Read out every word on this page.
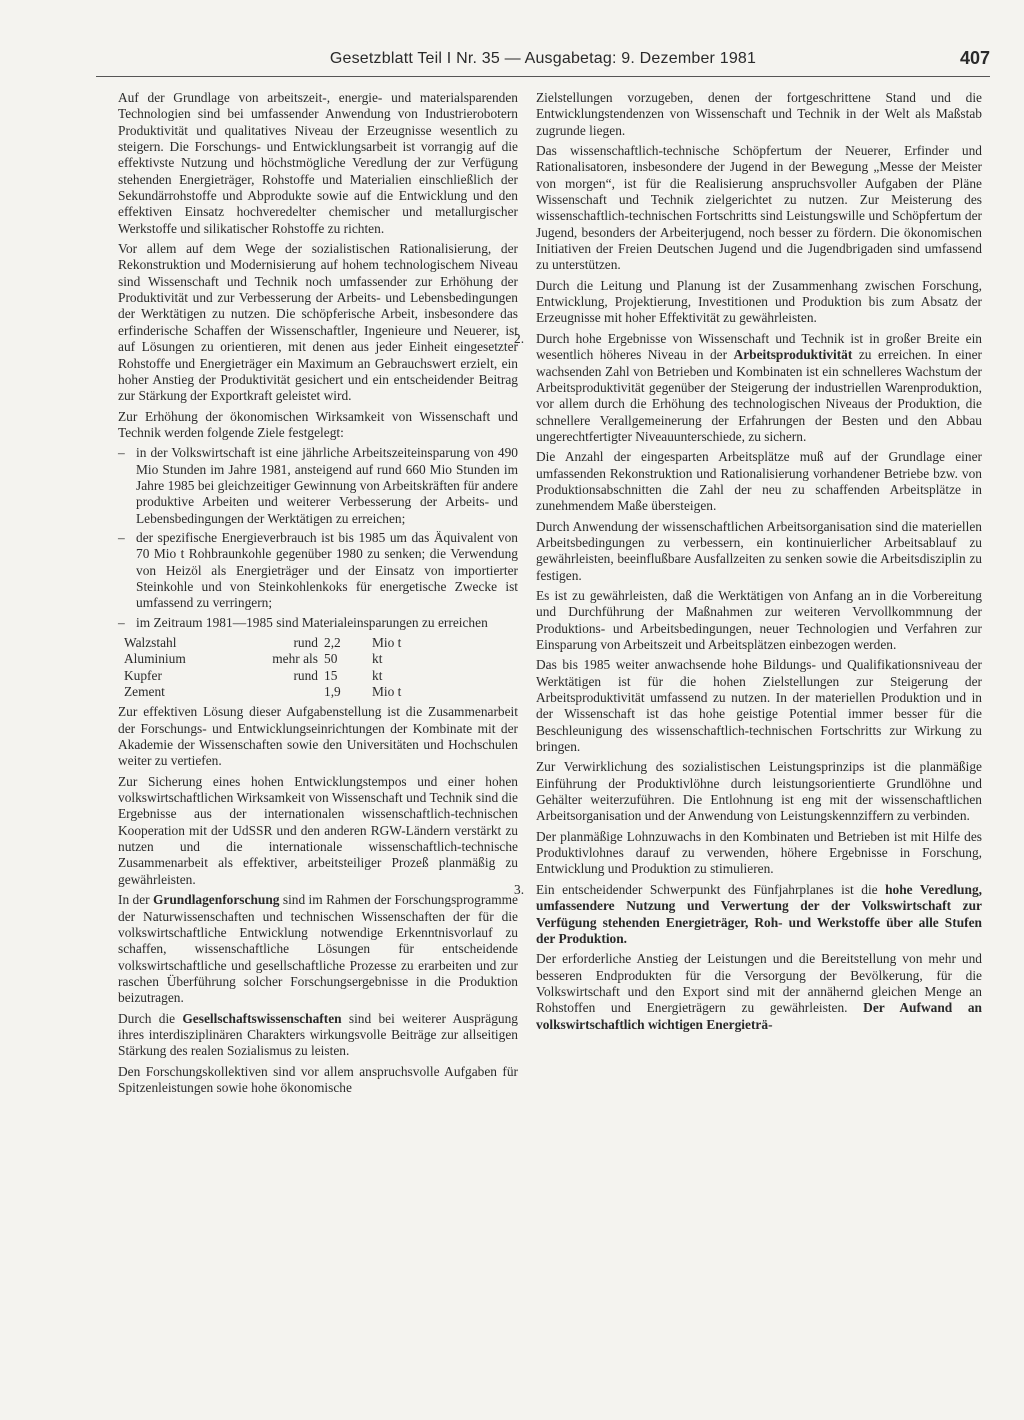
Gesetzblatt Teil I Nr. 35 — Ausgabetag: 9. Dezember 1981	407

Auf der Grundlage von arbeitszeit-, energie- und materialsparenden Technologien sind bei umfassender Anwendung von Industrierobotern Produktivität und qualitatives Niveau der Erzeugnisse wesentlich zu steigern. Die Forschungs- und Entwicklungsarbeit ist vorrangig auf die effektivste Nutzung und höchstmögliche Veredlung der zur Verfügung stehenden Energieträger, Rohstoffe und Materialien einschließlich der Sekundärrohstoffe und Abprodukte sowie auf die Entwicklung und den effektiven Einsatz hochveredelter chemischer und metallurgischer Werkstoffe und silikatischer Rohstoffe zu richten.

Vor allem auf dem Wege der sozialistischen Rationalisierung, der Rekonstruktion und Modernisierung auf hohem technologischem Niveau sind Wissenschaft und Technik noch umfassender zur Erhöhung der Produktivität und zur Verbesserung der Arbeits- und Lebensbedingungen der Werktätigen zu nutzen. Die schöpferische Arbeit, insbesondere das erfinderische Schaffen der Wissenschaftler, Ingenieure und Neuerer, ist auf Lösungen zu orientieren, mit denen aus jeder Einheit eingesetzter Rohstoffe und Energieträger ein Maximum an Gebrauchswert erzielt, ein hoher Anstieg der Produktivität gesichert und ein entscheidender Beitrag zur Stärkung der Exportkraft geleistet wird.

Zur Erhöhung der ökonomischen Wirksamkeit von Wissenschaft und Technik werden folgende Ziele festgelegt:

– in der Volkswirtschaft ist eine jährliche Arbeitszeiteinsparung von 490 Mio Stunden im Jahre 1981, ansteigend auf rund 660 Mio Stunden im Jahre 1985 bei gleichzeitiger Gewinnung von Arbeitskräften für andere produktive Arbeiten und weiterer Verbesserung der Arbeits- und Lebensbedingungen der Werktätigen zu erreichen;
– der spezifische Energieverbrauch ist bis 1985 um das Äquivalent von 70 Mio t Rohbraunkohle gegenüber 1980 zu senken; die Verwendung von Heizöl als Energieträger und der Einsatz von importierter Steinkohle und von Steinkohlenkoks für energetische Zwecke ist umfassend zu verringern;
– im Zeitraum 1981—1985 sind Materialeinsparungen zu erreichen
Walzstahl	rund 2,2	Mio t
Aluminium	mehr als 50	kt
Kupfer	rund 15	kt
Zement	1,9	Mio t

Zur effektiven Lösung dieser Aufgabenstellung ist die Zusammenarbeit der Forschungs- und Entwicklungseinrichtungen der Kombinate mit der Akademie der Wissenschaften sowie den Universitäten und Hochschulen weiter zu vertiefen.

Zur Sicherung eines hohen Entwicklungstempos und einer hohen volkswirtschaftlichen Wirksamkeit von Wissenschaft und Technik sind die Ergebnisse aus der internationalen wissenschaftlich-technischen Kooperation mit der UdSSR und den anderen RGW-Ländern verstärkt zu nutzen und die internationale wissenschaftlich-technische Zusammenarbeit als effektiver, arbeitsteiliger Prozeß planmäßig zu gewährleisten.

In der Grundlagenforschung sind im Rahmen der Forschungsprogramme der Naturwissenschaften und technischen Wissenschaften der für die volkswirtschaftliche Entwicklung notwendige Erkenntnisvorlauf zu schaffen, wissenschaftliche Lösungen für entscheidende volkswirtschaftliche und gesellschaftliche Prozesse zu erarbeiten und zur raschen Überführung solcher Forschungsergebnisse in die Produktion beizutragen.

Durch die Gesellschaftswissenschaften sind bei weiterer Ausprägung ihres interdisziplinären Charakters wirkungsvolle Beiträge zur allseitigen Stärkung des realen Sozialismus zu leisten.

Den Forschungskollektiven sind vor allem anspruchsvolle Aufgaben für Spitzenleistungen sowie hohe ökonomische

Zielstellungen vorzugeben, denen der fortgeschrittene Stand und die Entwicklungstendenzen von Wissenschaft und Technik in der Welt als Maßstab zugrunde liegen.

Das wissenschaftlich-technische Schöpfertum der Neuerer, Erfinder und Rationalisatoren, insbesondere der Jugend in der Bewegung „Messe der Meister von morgen“, ist für die Realisierung anspruchsvoller Aufgaben der Pläne Wissenschaft und Technik zielgerichtet zu nutzen. Zur Meisterung des wissenschaftlich-technischen Fortschritts sind Leistungswille und Schöpfertum der Jugend, besonders der Arbeiterjugend, noch besser zu fördern. Die ökonomischen Initiativen der Freien Deutschen Jugend und die Jugendbrigaden sind umfassend zu unterstützen.

Durch die Leitung und Planung ist der Zusammenhang zwischen Forschung, Entwicklung, Projektierung, Investitionen und Produktion bis zum Absatz der Erzeugnisse mit hoher Effektivität zu gewährleisten.

2. Durch hohe Ergebnisse von Wissenschaft und Technik ist in großer Breite ein wesentlich höheres Niveau in der Arbeitsproduktivität zu erreichen. In einer wachsenden Zahl von Betrieben und Kombinaten ist ein schnelleres Wachstum der Arbeitsproduktivität gegenüber der Steigerung der industriellen Warenproduktion, vor allem durch die Erhöhung des technologischen Niveaus der Produktion, die schnellere Verallgemeinerung der Erfahrungen der Besten und den Abbau ungerechtfertigter Niveauunterschiede, zu sichern.

Die Anzahl der eingesparten Arbeitsplätze muß auf der Grundlage einer umfassenden Rekonstruktion und Rationalisierung vorhandener Betriebe bzw. von Produktionsabschnitten die Zahl der neu zu schaffenden Arbeitsplätze in zunehmendem Maße übersteigen.

Durch Anwendung der wissenschaftlichen Arbeitsorganisation sind die materiellen Arbeitsbedingungen zu verbessern, ein kontinuierlicher Arbeitsablauf zu gewährleisten, beeinflußbare Ausfallzeiten zu senken sowie die Arbeitsdisziplin zu festigen.

Es ist zu gewährleisten, daß die Werktätigen von Anfang an in die Vorbereitung und Durchführung der Maßnahmen zur weiteren Vervollkommnung der Produktions- und Arbeitsbedingungen, neuer Technologien und Verfahren zur Einsparung von Arbeitszeit und Arbeitsplätzen einbezogen werden.

Das bis 1985 weiter anwachsende hohe Bildungs- und Qualifikationsniveau der Werktätigen ist für die hohen Zielstellungen zur Steigerung der Arbeitsproduktivität umfassend zu nutzen. In der materiellen Produktion und in der Wissenschaft ist das hohe geistige Potential immer besser für die Beschleunigung des wissenschaftlich-technischen Fortschritts zur Wirkung zu bringen.

Zur Verwirklichung des sozialistischen Leistungsprinzips ist die planmäßige Einführung der Produktivlöhne durch leistungsorientierte Grundlöhne und Gehälter weiterzuführen. Die Entlohnung ist eng mit der wissenschaftlichen Arbeitsorganisation und der Anwendung von Leistungskennziffern zu verbinden.

Der planmäßige Lohnzuwachs in den Kombinaten und Betrieben ist mit Hilfe des Produktivlohnes darauf zu verwenden, höhere Ergebnisse in Forschung, Entwicklung und Produktion zu stimulieren.

3. Ein entscheidender Schwerpunkt des Fünfjahrplanes ist die hohe Veredlung, umfassendere Nutzung und Verwertung der der Volkswirtschaft zur Verfügung stehenden Energieträger, Roh- und Werkstoffe über alle Stufen der Produktion.

Der erforderliche Anstieg der Leistungen und die Bereitstellung von mehr und besseren Endprodukten für die Versorgung der Bevölkerung, für die Volkswirtschaft und den Export sind mit der annähernd gleichen Menge an Rohstoffen und Energieträgern zu gewährleisten. Der Aufwand an volkswirtschaftlich wichtigen Energieträ-
